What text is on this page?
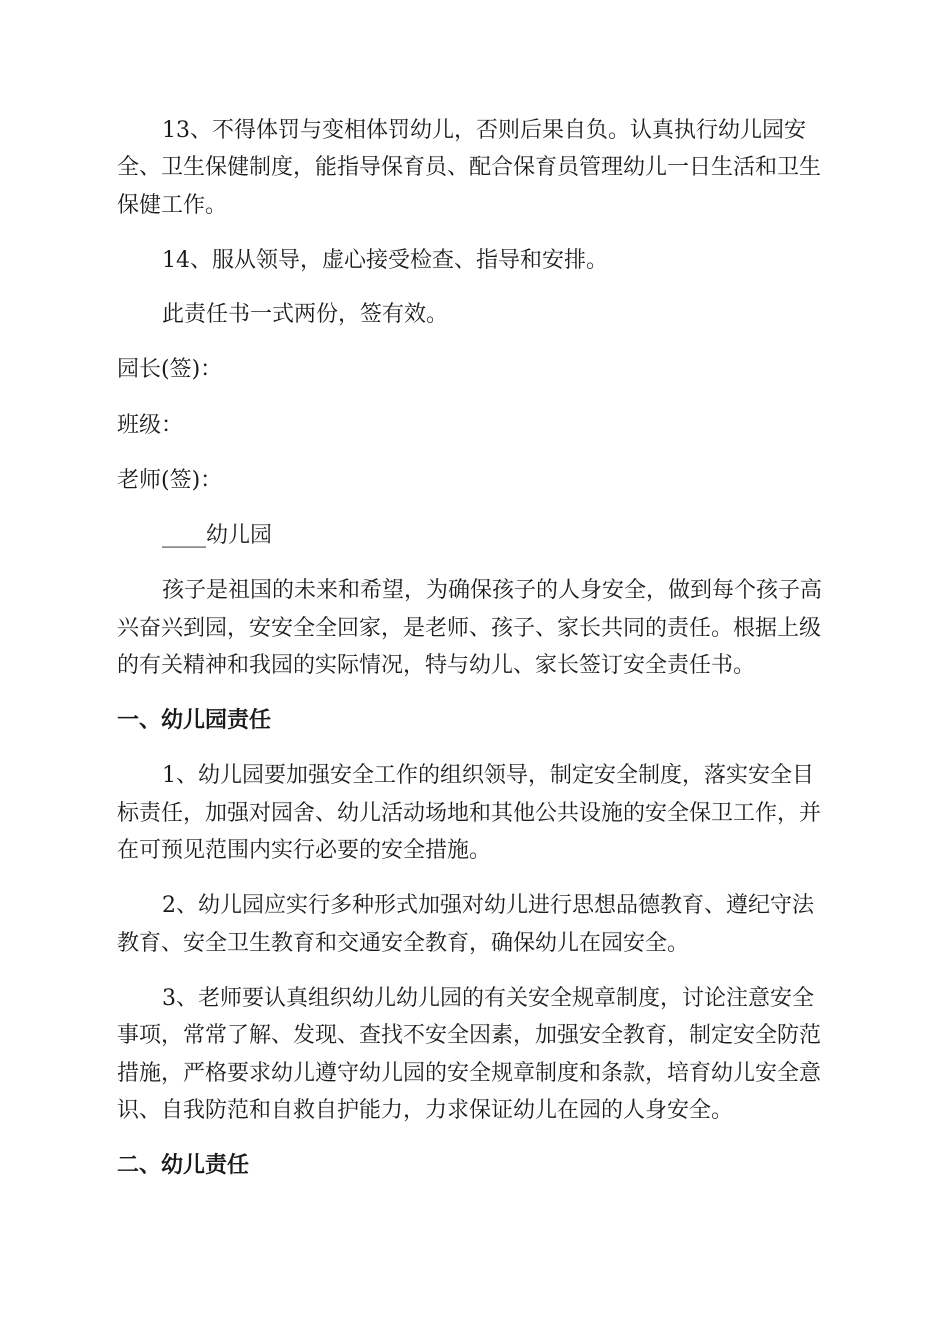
13、不得体罚与变相体罚幼儿，否则后果自负。认真执行幼儿园安
全、卫生保健制度，能指导保育员、配合保育员管理幼儿一日生活和卫生
保健工作。
14、服从领导，虚心接受检查、指导和安排。
此责任书一式两份，签有效。
园长(签)：
班级：
老师(签)：
____幼儿园
孩子是祖国的未来和希望，为确保孩子的人身安全，做到每个孩子高
兴奋兴到园，安安全全回家，是老师、孩子、家长共同的责任。根据上级
的有关精神和我园的实际情况，特与幼儿、家长签订安全责任书。
一、幼儿园责任
1、幼儿园要加强安全工作的组织领导，制定安全制度，落实安全目
标责任，加强对园舍、幼儿活动场地和其他公共设施的安全保卫工作，并
在可预见范围内实行必要的安全措施。
2、幼儿园应实行多种形式加强对幼儿进行思想品德教育、遵纪守法
教育、安全卫生教育和交通安全教育，确保幼儿在园安全。
3、老师要认真组织幼儿幼儿园的有关安全规章制度，讨论注意安全
事项，常常了解、发现、查找不安全因素，加强安全教育，制定安全防范
措施，严格要求幼儿遵守幼儿园的安全规章制度和条款，培育幼儿安全意
识、自我防范和自救自护能力，力求保证幼儿在园的人身安全。
二、幼儿责任
